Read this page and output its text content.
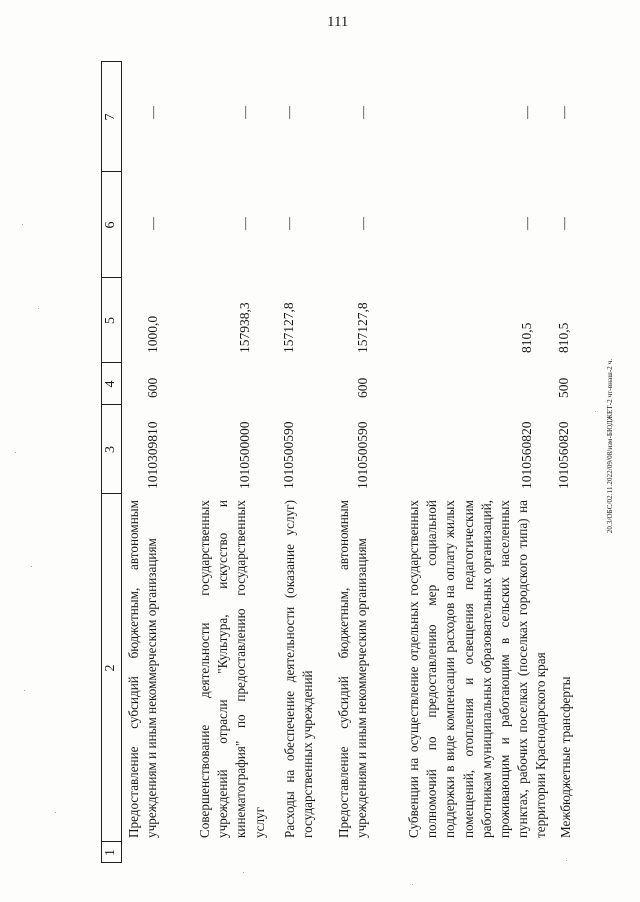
111
20.3/ОБС/02.11.2022/09/08/изм-БЮДЖЕТ-2 чт-внаш-2 ч.
1
2
3
4
5
6
7
Предоставление субсидий бюджетным, автономным учреждениям и иным некоммерческим организациям
1010309810
600
1000,0
—
—
Совершенствование деятельности государственных учреждений отрасли "Культура, искусство и кинематография" по предоставлению государственных услуг
1010500000
157938,3
—
—
Расходы на обеспечение деятельности (оказание услуг) государственных учреждений
1010500590
157127,8
—
—
Предоставление субсидий бюджетным, автономным учреждениям и иным некоммерческим организациям
1010500590
600
157127,8
—
—
Субвенции на осуществление отдельных государственных полномочий по предоставлению мер социальной поддержки в виде компенсации расходов на оплату жилых помещений, отопления и освещения педагогическим работникам муниципальных образовательных организаций, проживающим и работающим в сельских населенных пунктах, рабочих поселках (поселках городского типа) на территории Краснодарского края
1010560820
810,5
—
—
Межбюджетные трансферты
1010560820
500
810,5
—
—
